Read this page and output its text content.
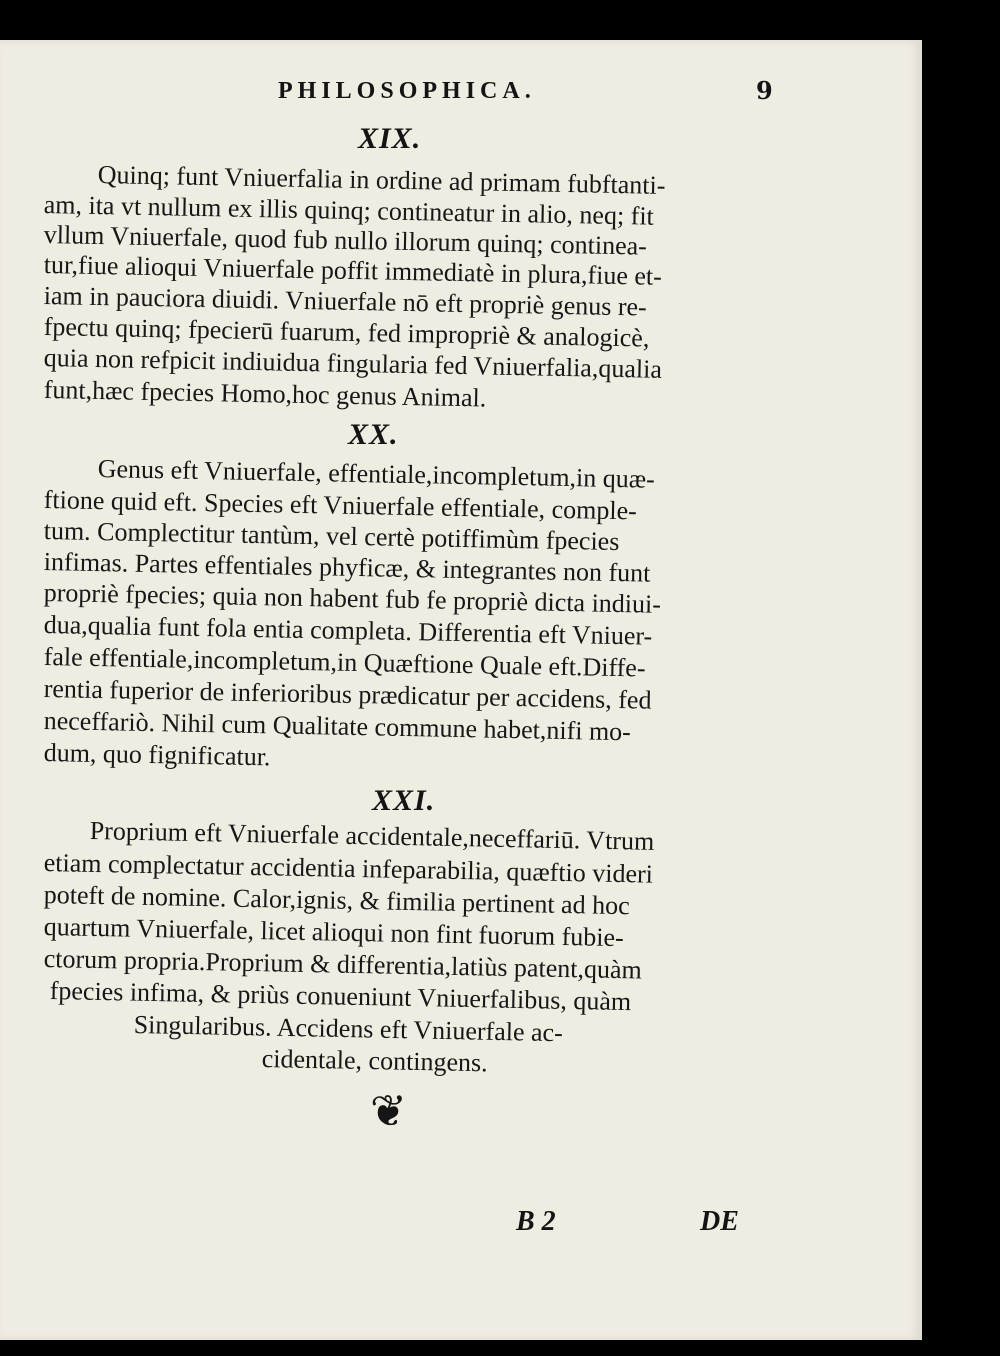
PHILOSOPHICA.	9
XIX.
Quinq; funt Vniuerfalia in ordine ad primam fubftanti-
am, ita vt nullum ex illis quinq; contineatur in alio, neq; fit
vllum Vniuerfale, quod fub nullo illorum quinq; continea-
tur,fiue alioqui Vniuerfale poffit immediatè in plura,fiue et-
iam in pauciora diuidi. Vniuerfale nō eft propriè genus re-
fpectu quinq; fpecierū fuarum, fed impropriè & analogicè,
quia non refpicit indiuidua fingularia fed Vniuerfalia,qualia
funt,hæc fpecies Homo,hoc genus Animal.
XX.
Genus eft Vniuerfale, effentiale,incompletum,in quæ-
ftione quid eft. Species eft Vniuerfale effentiale, comple-
tum. Complectitur tantùm, vel certè potiffimùm fpecies
infimas. Partes effentiales phyficæ, & integrantes non funt
propriè fpecies; quia non habent fub fe propriè dicta indiui-
dua,qualia funt fola entia completa. Differentia eft Vniuer-
fale effentiale,incompletum,in Quæftione Quale eft.Diffe-
rentia fuperior de inferioribus prædicatur per accidens, fed
neceffariò. Nihil cum Qualitate commune habet,nifi mo-
dum, quo fignificatur.
XXI.
Proprium eft Vniuerfale accidentale,neceffariū. Vtrum
etiam complectatur accidentia infeparabilia, quæftio videri
poteft de nomine. Calor,ignis, & fimilia pertinent ad hoc
quartum Vniuerfale, licet alioqui non fint fuorum fubie-
ctorum propria.Proprium & differentia,latiùs patent,quàm
fpecies infima, & priùs conueniunt Vniuerfalibus, quàm
Singularibus. Accidens eft Vniuerfale ac-
cidentale, contingens.
❦
B 2	DE
